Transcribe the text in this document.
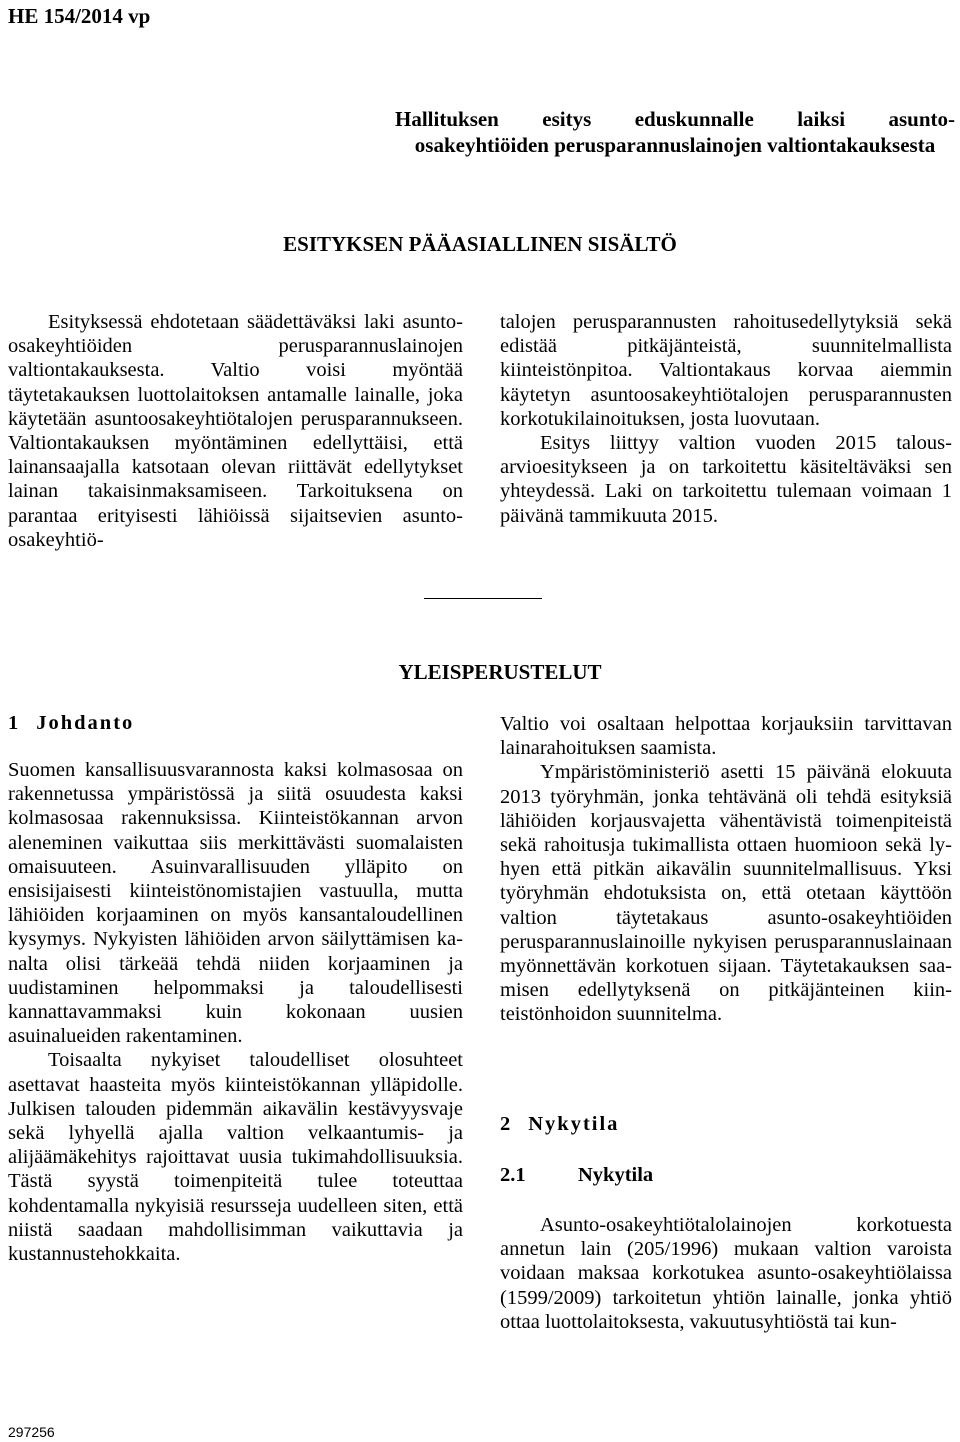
HE 154/2014 vp
Hallituksen esitys eduskunnalle laiksi asunto-
osakeyhtiöiden perusparannuslainojen valtiontakauksesta
ESITYKSEN PÄÄASIALLINEN SISÄLTÖ

Esityksessä ehdotetaan säädettäväksi laki asunto-osakeyhtiöiden perusparannuslainojen valtiontakauksesta. Valtio voisi myöntää täytetakauksen luottolaitoksen antamalle lainalle, joka käytetään asuntoosakeyhtiötalojen perusparannukseen. Valtiontakauksen myöntäminen edellyttäisi, että lainansaajalla katsotaan olevan riittävät edellytykset lainan takaisinmaksamiseen. Tarkoituksena on parantaa erityisesti lähiöissä sijaitsevien asunto-osakeyhtiö-

talojen perusparannusten rahoitusedellytyksiä sekä edistää pitkäjänteistä, suunnitelmallista kiinteistönpitoa. Valtiontakaus korvaa aiemmin käytetyn asuntoosakeyhtiötalojen perusparannusten korkotukilainoituksen, josta luovutaan.

Esitys liittyy valtion vuoden 2015 talousarvioesitykseen ja on tarkoitettu käsiteltäväksi sen yhteydessä. Laki on tarkoitettu tulemaan voimaan 1 päivänä tammikuuta 2015.

YLEISPERUSTELUT
1 Johdanto

Suomen kansallisuusvarannosta kaksi kolmasosaa on rakennetussa ympäristössä ja siitä osuudesta kaksi kolmasosaa rakennuksissa. Kiinteistökannan arvon aleneminen vaikuttaa siis merkittävästi suomalaisten omaisuuteen. Asuinvarallisuuden ylläpito on ensisijaisesti kiinteistönomistajien vastuulla, mutta lähiöiden korjaaminen on myös kansantaloudellinen kysymys. Nykyisten lähiöiden arvon säilyttämisen kanalta olisi tärkeää tehdä niiden korjaaminen ja uudistaminen helpommaksi ja taloudellisesti kannattavammaksi kuin kokonaan uusien asuinalueiden rakentaminen.

Toisaalta nykyiset taloudelliset olosuhteet asettavat haasteita myös kiinteistökannan ylläpidolle. Julkisen talouden pidemmän aikavälin kestävyysvaje sekä lyhyellä ajalla valtion velkaantumis- ja alijäämäkehitys rajoittavat uusia tukimahdollisuuksia. Tästä syystä toimenpiteitä tulee toteuttaa kohdentamalla nykyisiä resursseja uudelleen siten, että niistä saadaan mahdollisimman vaikuttavia ja kustannustehokkaita.

Valtio voi osaltaan helpottaa korjauksiin tarvittavan lainarahoituksen saamista.

Ympäristöministeriö asetti 15 päivänä elokuuta 2013 työryhmän, jonka tehtävänä oli tehdä esityksiä lähiöiden korjausvajetta vähentävistä toimenpiteistä sekä rahoitusja tukimallista ottaen huomioon sekä lyhyen että pitkän aikavälin suunnitelmallisuus. Yksi työryhmän ehdotuksista on, että otetaan käyttöön valtion täytetakaus asunto-osakeyhtiöiden perusparannuslainoille nykyisen perusparannuslainaan myönnettävän korkotuen sijaan. Täytetakauksen saamisen edellytyksenä on pitkäjänteinen kiinteistönhoidon suunnitelma.

2 Nykytila
2.1	Nykytila

Asunto-osakeyhtiötalolainojen korkotuesta annetun lain (205/1996) mukaan valtion varoista voidaan maksaa korkotukea asunto-osakeyhtiölaissa (1599/2009) tarkoitetun yhtiön lainalle, jonka yhtiö ottaa luottolaitoksesta, vakuutusyhtiöstä tai kun-

297256
